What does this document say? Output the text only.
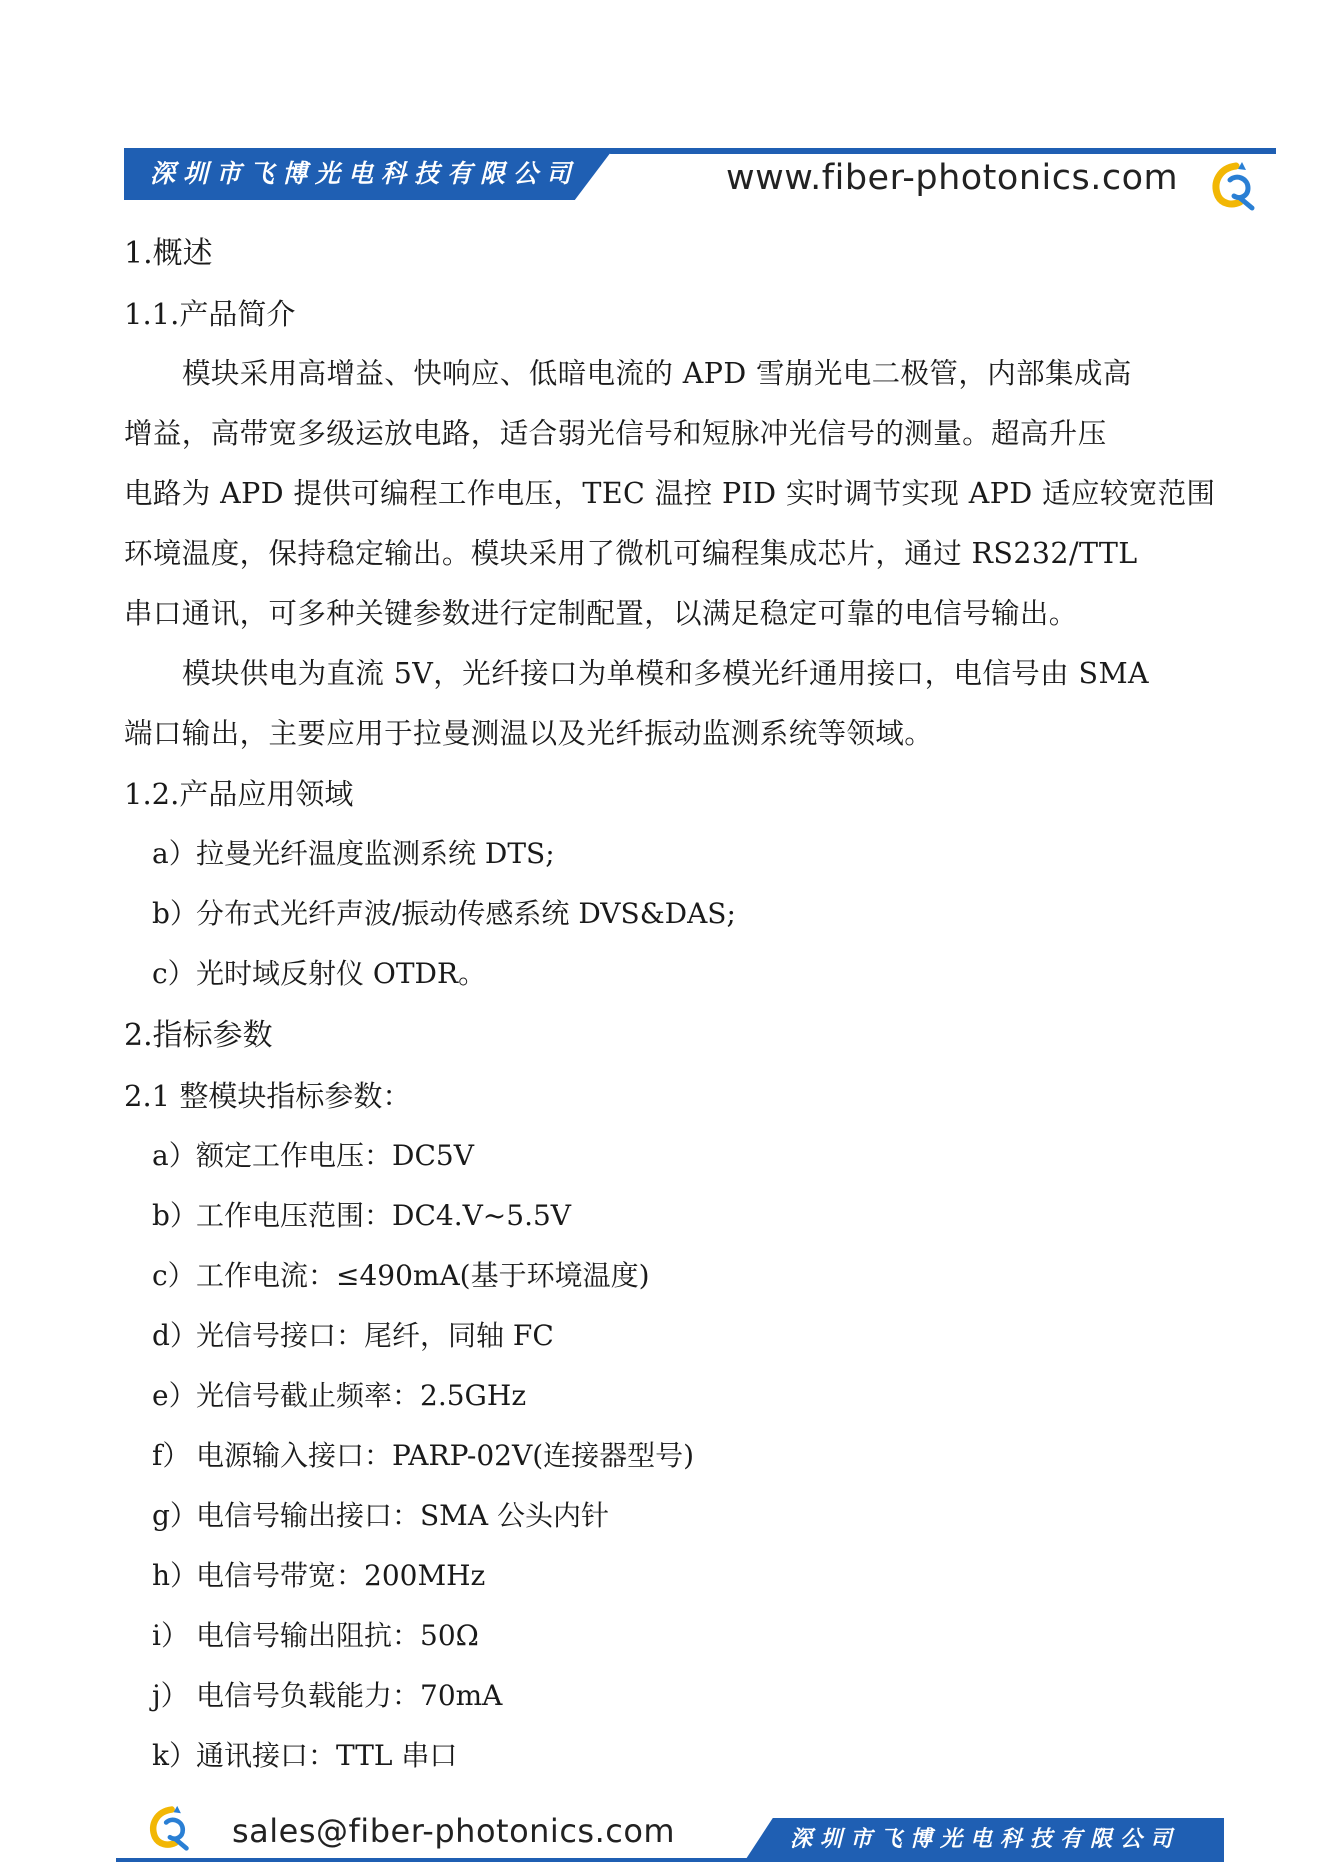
深圳市飞博光电科技有限公司	www.fiber-photonics.com
1.概述
1.1.产品简介
模块采用高增益、快响应、低暗电流的 APD 雪崩光电二极管，内部集成高
增益，高带宽多级运放电路，适合弱光信号和短脉冲光信号的测量。超高升压
电路为 APD 提供可编程工作电压，TEC 温控 PID 实时调节实现 APD 适应较宽范围
环境温度，保持稳定输出。模块采用了微机可编程集成芯片，通过 RS232/TTL
串口通讯，可多种关键参数进行定制配置，以满足稳定可靠的电信号输出。
模块供电为直流 5V，光纤接口为单模和多模光纤通用接口，电信号由 SMA
端口输出，主要应用于拉曼测温以及光纤振动监测系统等领域。
1.2.产品应用领域
a）拉曼光纤温度监测系统 DTS;
b）分布式光纤声波/振动传感系统 DVS&DAS;
c）光时域反射仪 OTDR。
2.指标参数
2.1 整模块指标参数：
a）额定工作电压：DC5V
b）工作电压范围：DC4.V~5.5V
c）工作电流：≤490mA(基于环境温度)
d）光信号接口：尾纤，同轴 FC
e）光信号截止频率：2.5GHz
f） 电源输入接口：PARP-02V(连接器型号)
g）电信号输出接口：SMA 公头内针
h）电信号带宽：200MHz
i） 电信号输出阻抗：50Ω
j） 电信号负载能力：70mA
k）通讯接口：TTL 串口
sales@fiber-photonics.com	深圳市飞博光电科技有限公司
